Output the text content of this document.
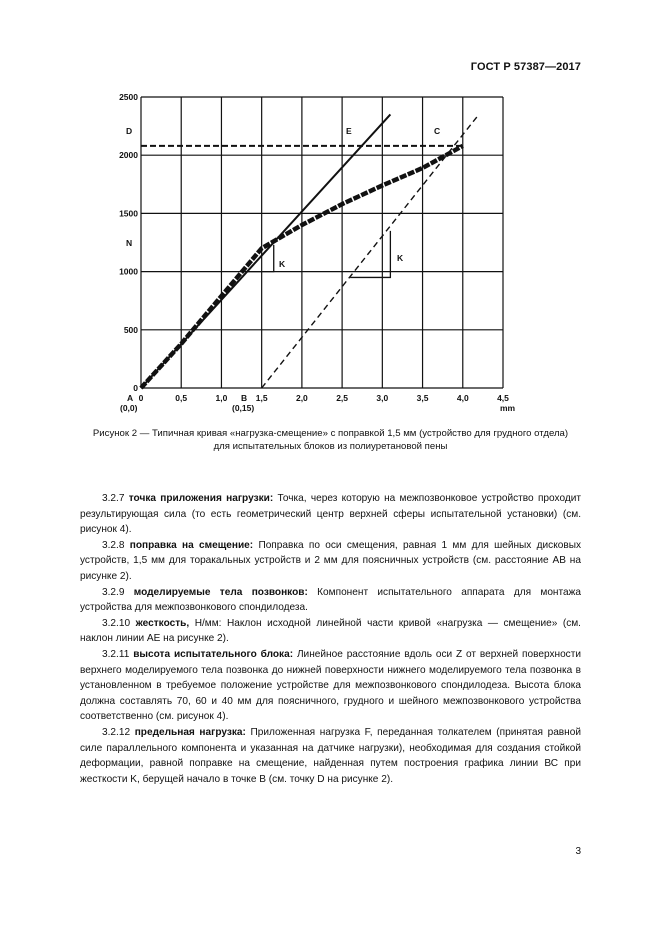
ГОСТ Р 57387—2017
2500
2000
1500
1000
500
0
0	0,5	1,0	1,5	2,0	2,5	3,0	3,5	4,0	4,5
N
mm
D	E	C
K
K
A
(0,0)
B
(0,15)
Рисунок 2 — Типичная кривая «нагрузка-смещение» с поправкой 1,5 мм (устройство для грудного отдела)
для испытательных блоков из полиуретановой пены

3.2.7 точка приложения нагрузки: Точка, через которую на межпозвонковое устройство проходит результирующая сила (то есть геометрический центр верхней сферы испытательной установки) (см. рисунок 4).

3.2.8 поправка на смещение: Поправка по оси смещения, равная 1 мм для шейных дисковых устройств, 1,5 мм для торакальных устройств и 2 мм для поясничных устройств (см. расстояние АВ на рисунке 2).

3.2.9 моделируемые тела позвонков: Компонент испытательного аппарата для монтажа устройства для межпозвонкового спондилодеза.

3.2.10 жесткость, Н/мм: Наклон исходной линейной части кривой «нагрузка — смещение» (см. наклон линии АЕ на рисунке 2).

3.2.11 высота испытательного блока: Линейное расстояние вдоль оси Z от верхней поверхности верхнего моделируемого тела позвонка до нижней поверхности нижнего моделируемого тела позвонка в установленном в требуемое положение устройстве для межпозвонкового спондилодеза. Высота блока должна составлять 70, 60 и 40 мм для поясничного, грудного и шейного межпозвонкового устройства соответственно (см. рисунок 4).

3.2.12 предельная нагрузка: Приложенная нагрузка F, переданная толкателем (принятая равной силе параллельного компонента и указанная на датчике нагрузки), необходимая для создания стойкой деформации, равной поправке на смещение, найденная путем построения графика линии ВС при жесткости K, берущей начало в точке В (см. точку D на рисунке 2).

3
